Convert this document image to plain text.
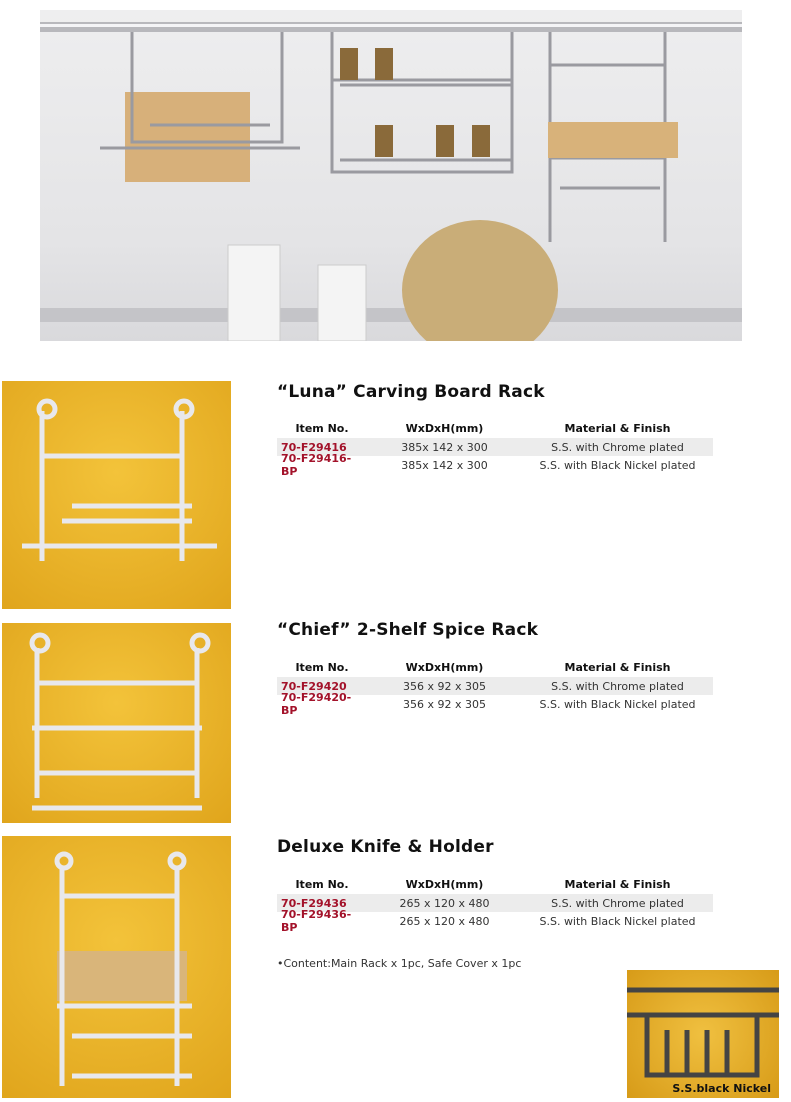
“Luna” Carving Board Rack
Item No.	WxDxH(mm)	Material & Finish
70-F29416	385x 142 x 300	S.S. with Chrome plated
70-F29416-BP	385x 142 x 300	S.S. with Black Nickel plated
“Chief” 2-Shelf Spice Rack
Item No.	WxDxH(mm)	Material & Finish
70-F29420	356 x 92 x 305	S.S. with Chrome plated
70-F29420-BP	356 x 92 x 305	S.S. with Black Nickel plated
Deluxe Knife & Holder
Item No.	WxDxH(mm)	Material & Finish
70-F29436	265 x 120 x 480	S.S. with Chrome plated
70-F29436-BP	265 x 120 x 480	S.S. with Black Nickel plated
•Content:Main Rack x 1pc, Safe Cover x 1pc
S.S.black Nickel
